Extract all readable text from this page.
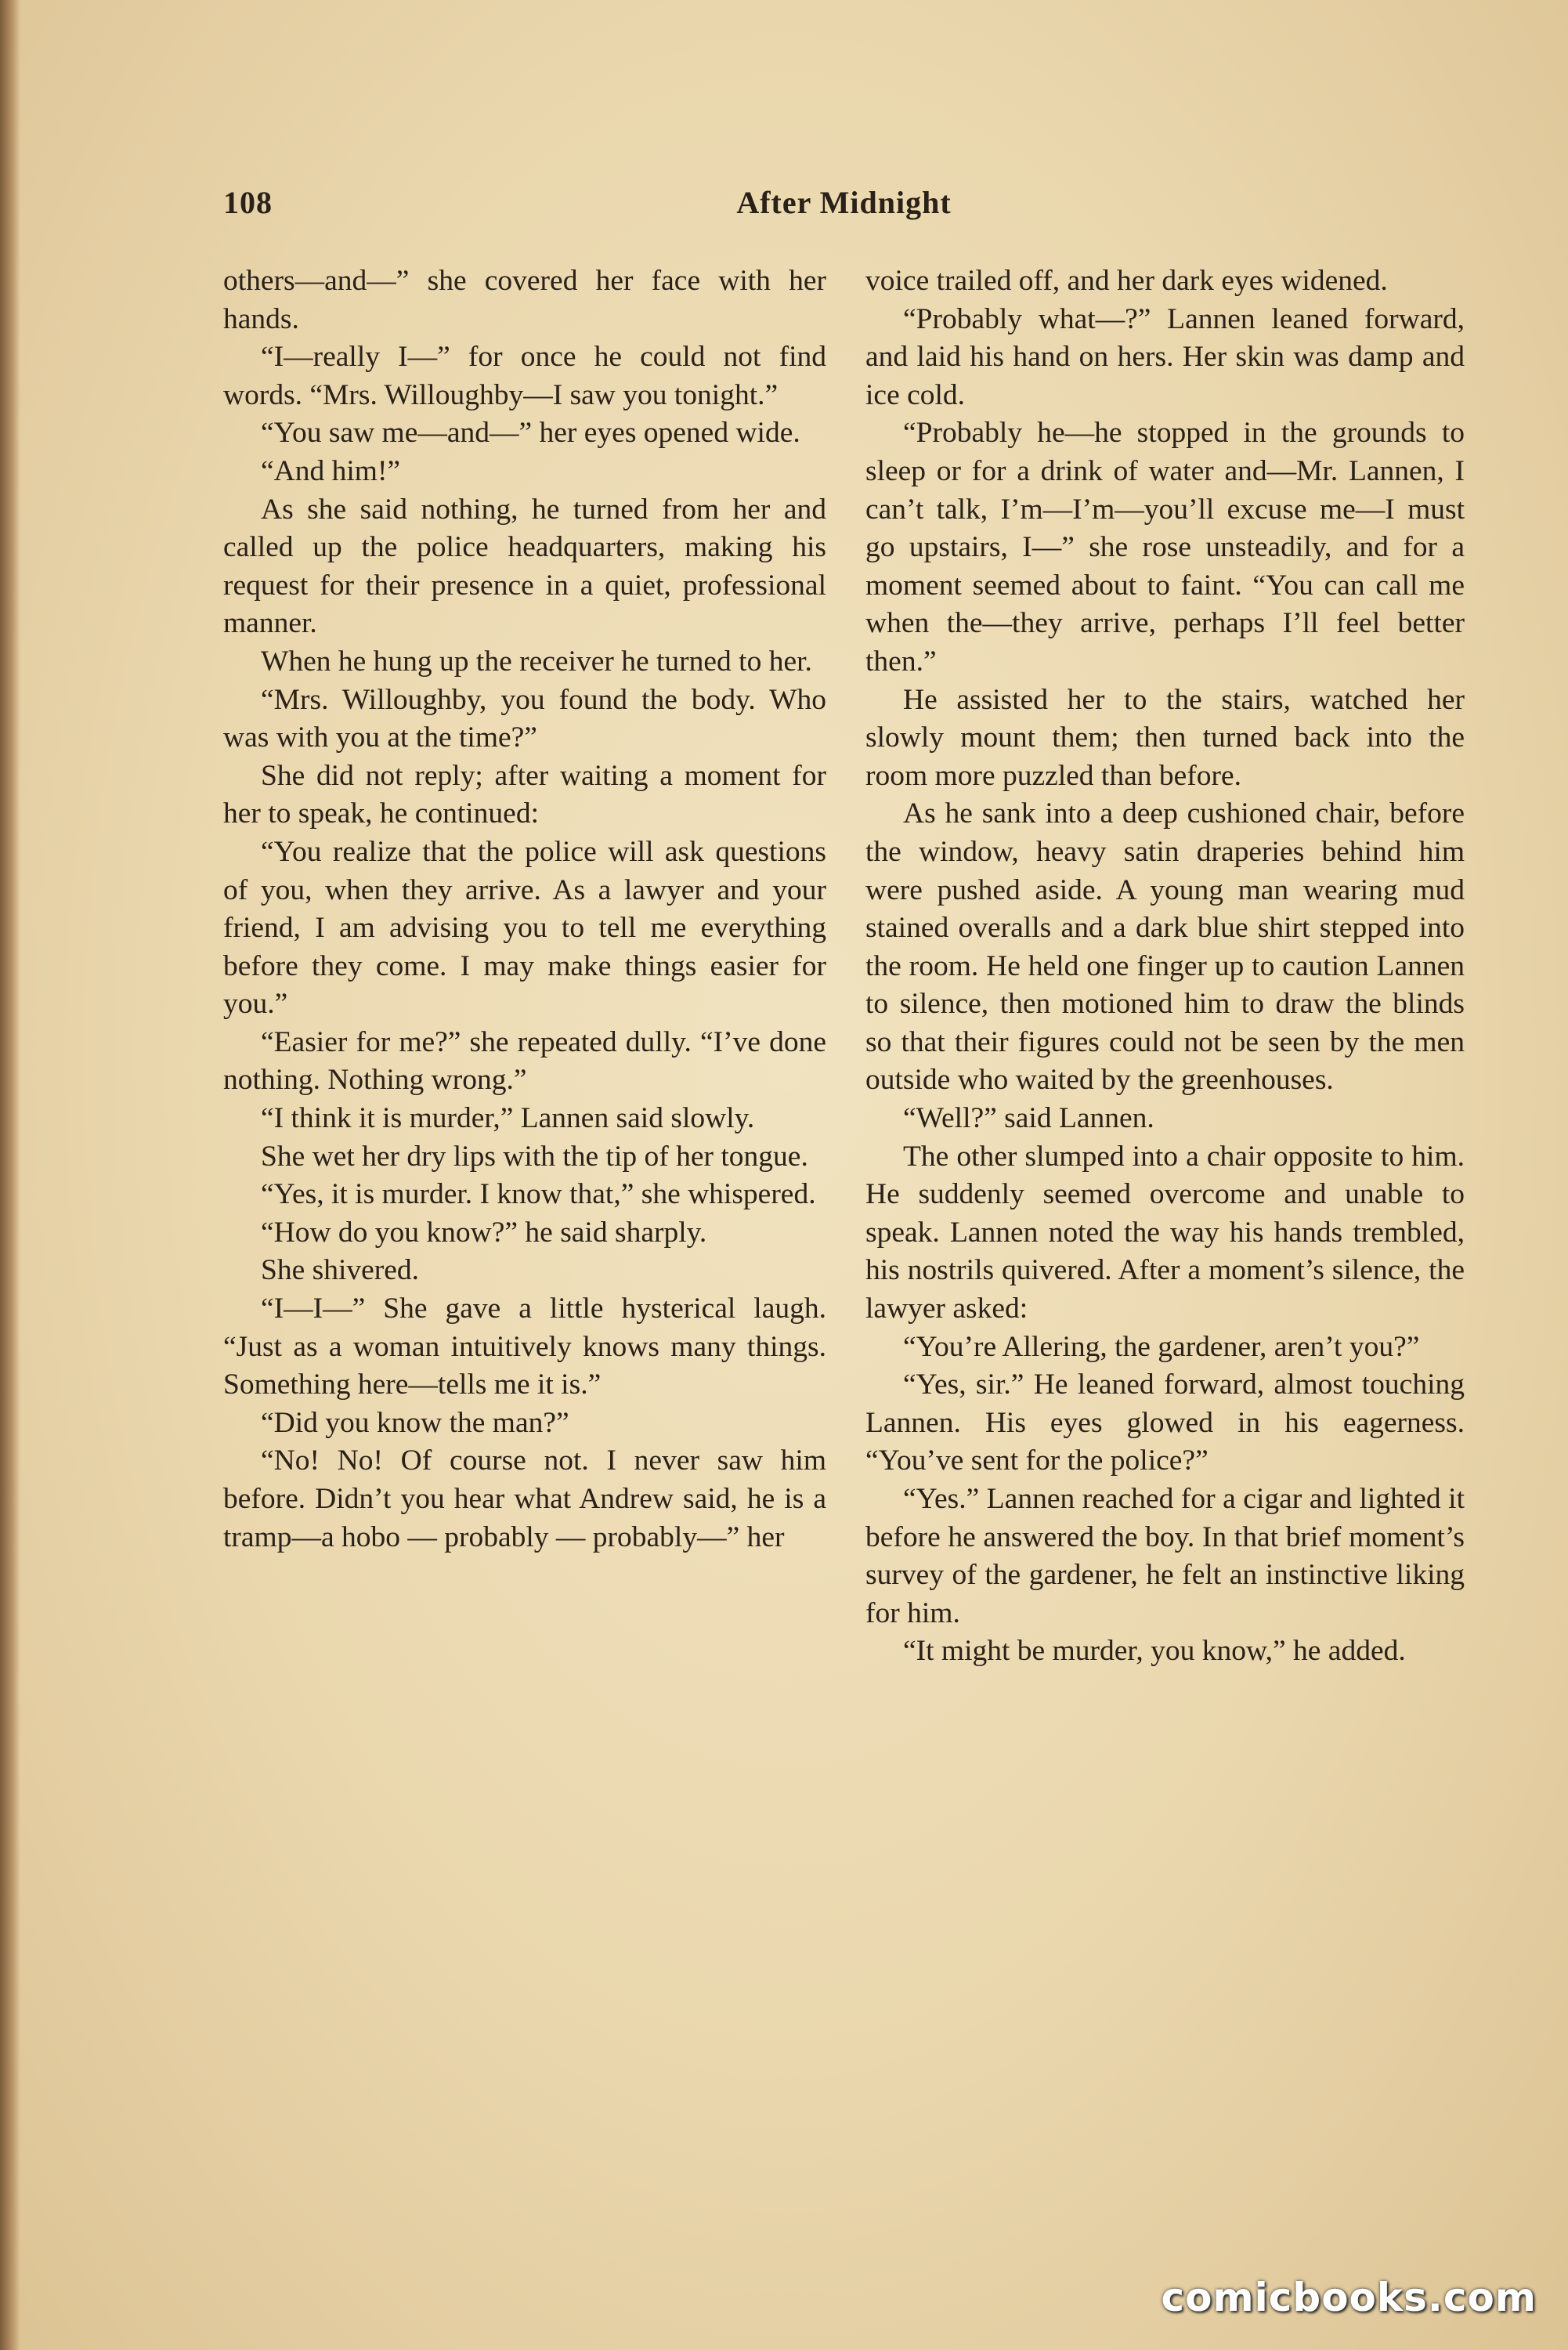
108	After Midnight

others—and—” she covered her face with her hands.

“I—really I—” for once he could not find words. “Mrs. Willoughby—I saw you tonight.”

“You saw me—and—” her eyes opened wide.

“And him!”

As she said nothing, he turned from her and called up the police headquarters, making his request for their presence in a quiet, professional manner.

When he hung up the receiver he turned to her.

“Mrs. Willoughby, you found the body. Who was with you at the time?”

She did not reply; after waiting a moment for her to speak, he continued:

“You realize that the police will ask questions of you, when they arrive. As a lawyer and your friend, I am advising you to tell me everything before they come. I may make things easier for you.”

“Easier for me?” she repeated dully. “I’ve done nothing. Nothing wrong.”

“I think it is murder,” Lannen said slowly.

She wet her dry lips with the tip of her tongue.

“Yes, it is murder. I know that,” she whispered.

“How do you know?” he said sharply.

She shivered.

“I—I—” She gave a little hysterical laugh. “Just as a woman intuitively knows many things. Something here—tells me it is.”

“Did you know the man?”

“No! No! Of course not. I never saw him before. Didn’t you hear what Andrew said, he is a tramp—a hobo — probably — probably—” her

voice trailed off, and her dark eyes widened.

“Probably what—?” Lannen leaned forward, and laid his hand on hers. Her skin was damp and ice cold.

“Probably he—he stopped in the grounds to sleep or for a drink of water and—Mr. Lannen, I can’t talk, I’m—I’m—you’ll excuse me—I must go upstairs, I—” she rose unsteadily, and for a moment seemed about to faint. “You can call me when the—they arrive, perhaps I’ll feel better then.”

He assisted her to the stairs, watched her slowly mount them; then turned back into the room more puzzled than before.

As he sank into a deep cushioned chair, before the window, heavy satin draperies behind him were pushed aside. A young man wearing mud stained overalls and a dark blue shirt stepped into the room. He held one finger up to caution Lannen to silence, then motioned him to draw the blinds so that their figures could not be seen by the men outside who waited by the greenhouses.

“Well?” said Lannen.

The other slumped into a chair opposite to him. He suddenly seemed overcome and unable to speak. Lannen noted the way his hands trembled, his nostrils quivered. After a moment’s silence, the lawyer asked:

“You’re Allering, the gardener, aren’t you?”

“Yes, sir.” He leaned forward, almost touching Lannen. His eyes glowed in his eagerness. “You’ve sent for the police?”

“Yes.” Lannen reached for a cigar and lighted it before he answered the boy. In that brief moment’s survey of the gardener, he felt an instinctive liking for him.

“It might be murder, you know,” he added.

comicbooks.com
